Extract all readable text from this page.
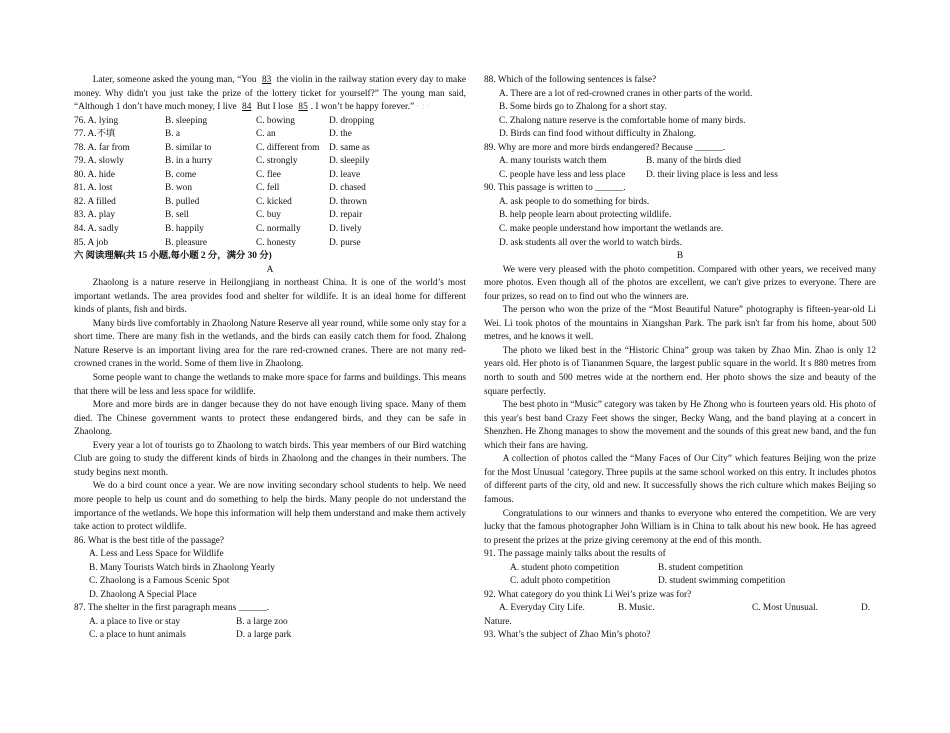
Later, someone asked the young man, “You 83 the violin in the railway station every day to make money. Why didn't you just take the prize of the lottery ticket for yourself?” The young man said, “Although 1 don’t have much money, I live 84 But I lose 85 . I won’t be happy forever.” · : ·

76. A. lying	B. sleeping	C. bowing	D. dropping
77. A.不填	B. a	C. an	D. the
78. A. far from	B. similar to	C. different from	D. same as
79. A. slowly	B. in a hurry	C. strongly	D. sleepily
80. A. hide	B. come	C. flee	D. leave
81. A. lost	B. won	C. fell	D. chased
82. A filled	B. pulled	C. kicked	D. thrown
83. A. play	B. sell	C. buy	D. repair
84. A. sadly	B. happily	C. normally	D. lively
85. A job	B. pleasure	C. honesty	D. purse

六 阅读理解(共 15 小题,每小题 2 分，满分 30 分)

A

Zhaolong is a nature reserve in Heilongjiang in northeast China. It is one of the world’s most important wetlands. The area provides food and shelter for wildlife. It is an ideal home for different kinds of plants, fish and birds.

Many birds live comfortably in Zhaolong Nature Reserve all year round, while some only stay for a short time. There are many fish in the wetlands, and the birds can easily catch them for food. Zhalong Nature Reserve is an important living area for the rare red-crowned cranes. There are not many red-crowned cranes in the world. Some of them live in Zhaolong.

Some people want to change the wetlands to make more space for farms and buildings. This means that there will be less and less space for wildlife.

More and more birds are in danger because they do not have enough living space. Many of them died. The Chinese government wants to protect these endangered birds, and they can be safe in Zhaolong.

Every year a lot of tourists go to Zhaolong to watch birds. This year members of our Bird watching Club are going to study the different kinds of birds in Zhaolong and the changes in their numbers. The study begins next month.

We do a bird count once a year. We are now inviting secondary school students to help. We need more people to help us count and do something to help the birds. Many people do not understand the importance of the wetlands. We hope this information will help them understand and make them actively take action to protect wildlife.

86. What is the best title of the passage?

A. Less and Less Space for Wildlife
B. Many Tourists Watch birds in Zhaolong Yearly
C. Zhaolong is a Famous Scenic Spot
D. Zhaolong A Special Place

87. The shelter in the first paragraph means ______.

A. a place to live or stay	B. a large zoo
C. a place to hunt animals	D. a large park

88. Which of the following sentences is false?

A. There are a lot of red-crowned cranes in other parts of the world.
B. Some birds go to Zhalong for a short stay.
C. Zhalong nature reserve is the comfortable home of many birds.
D. Birds can find food without difficulty in Zhalong.

89. Why are more and more birds endangered? Because ______.

A. many tourists watch them	B. many of the birds died
C. people have less and less place	D. their living place is less and less

90. This passage is written to ______.

A. ask people to do something for birds.
B. help people learn about protecting wildlife.
C. make people understand how important the wetlands are.
D. ask students all over the world to watch birds.

B

We were very pleased with the photo competition. Compared with other years, we received many more photos. Even though all of the photos are excellent, we can't give prizes to everyone. There are four prizes, so read on to find out who the winners are.

The person who won the prize of the “Most Beautiful Nature” photography is fifteen-year-old Li Wei. Li took photos of the mountains in Xiangshan Park. The park isn't far from his home, about 500 metres, and he knows it well.

The photo we liked best in the “Historic China” group was taken by Zhao Min. Zhao is only 12 years old. Her photo is of Tiananmen Square, the largest public square in the world. It s 880 metres from north to south and 500 metres wide at the northern end. Her photo shows the size and beauty of the square perfectly.

The best photo in “Music” category was taken by He Zhong who is fourteen years old. His photo of this year's best band Crazy Feet shows the singer, Becky Wang, and the band playing at a concert in Shenzhen. He Zhong manages to show the movement and the sounds of this great new band, and the fun which their fans are having.

A collection of photos called the “Many Faces of Our City” which features Beijing won the prize for the Most Unusual ’category. Three pupils at the same school worked on this entry. It includes photos of different parts of the city, old and new. It successfully shows the rich culture which makes Beijing so famous.

Congratulations to our winners and thanks to everyone who entered the competition. We are very lucky that the famous photographer John William is in China to talk about his new book. He has agreed to present the prizes at the prize giving ceremony at the end of this month.

91. The passage mainly talks about the results of

A. student photo competition	B. student competition
C. adult photo competition	D. student swimming competition

92. What category do you think Li Wei’s prize was for?

A. Everyday City Life.	B. Music.	C. Most Unusual.	D.

Nature.

93. What’s the subject of Zhao Min’s photo?
